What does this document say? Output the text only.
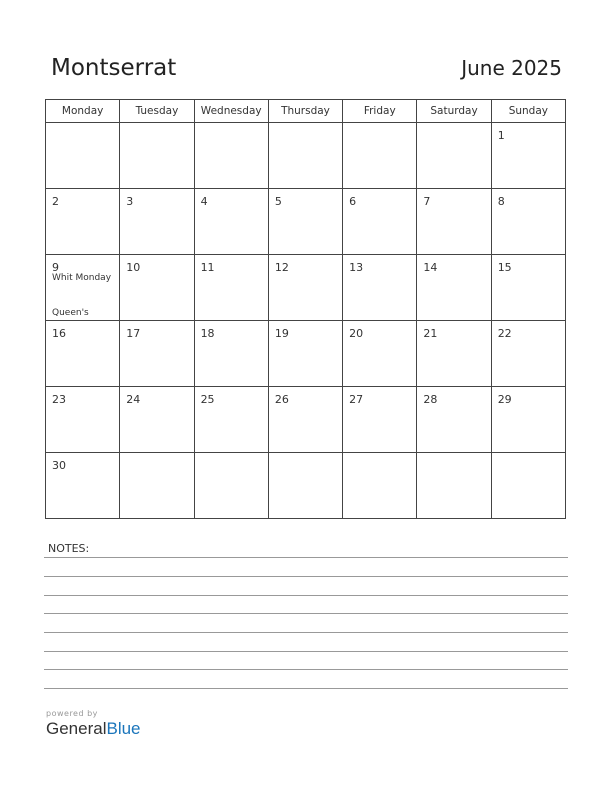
Montserrat	June 2025
Monday	Tuesday	Wednesday	Thursday	Friday	Saturday	Sunday

						1

2	3	4	5	6	7	8

9
Whit Monday
Queen's	10	11	12	13	14	15

16	17	18	19	20	21	22

23	24	25	26	27	28	29

30						

NOTES:
powered by
GeneralBlue
